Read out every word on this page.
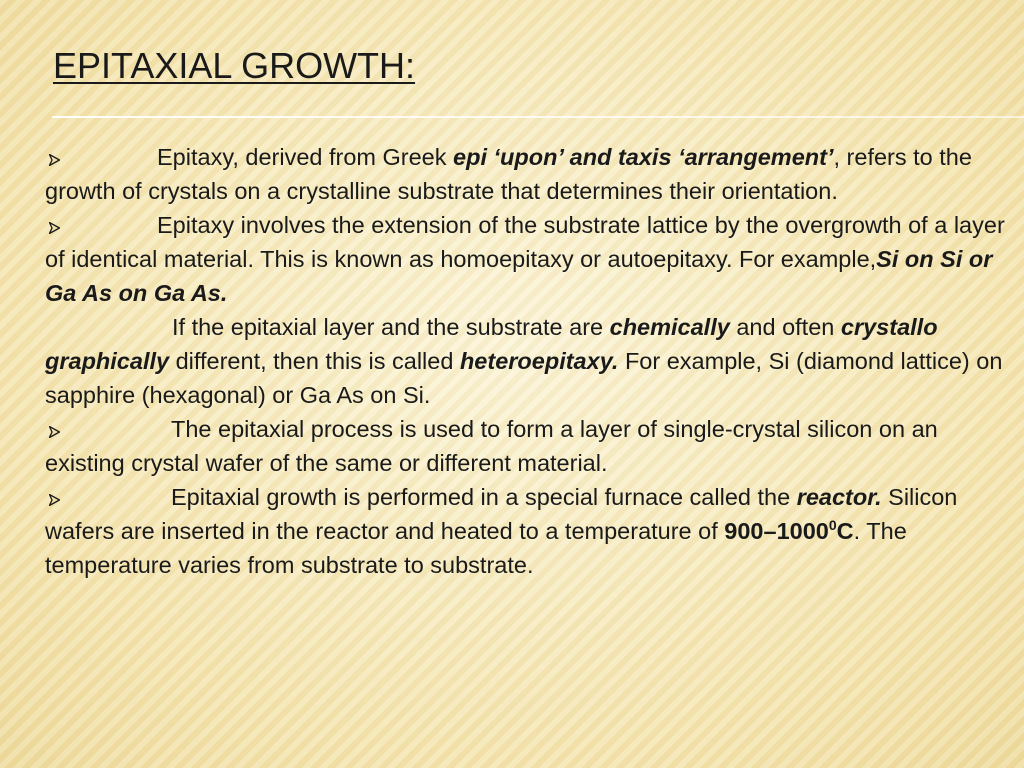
EPITAXIAL GROWTH:

Epitaxy, derived from Greek epi ‘upon’ and taxis ‘arrangement’, refers to the growth of crystals on a crystalline substrate that determines their orientation.

Epitaxy involves the extension of the substrate lattice by the overgrowth of a layer of identical material. This is known as homoepitaxy or autoepitaxy. For example,Si on Si or Ga As on Ga As.

If the epitaxial layer and the substrate are chemically and often crystallo graphically different, then this is called heteroepitaxy. For example, Si (diamond lattice) on sapphire (hexagonal) or Ga As on Si.

The epitaxial process is used to form a layer of single-crystal silicon on an existing crystal wafer of the same or different material.

Epitaxial growth is performed in a special furnace called the reactor. Silicon wafers are inserted in the reactor and heated to a temperature of 900–1000$^0$C. The temperature varies from substrate to substrate.
